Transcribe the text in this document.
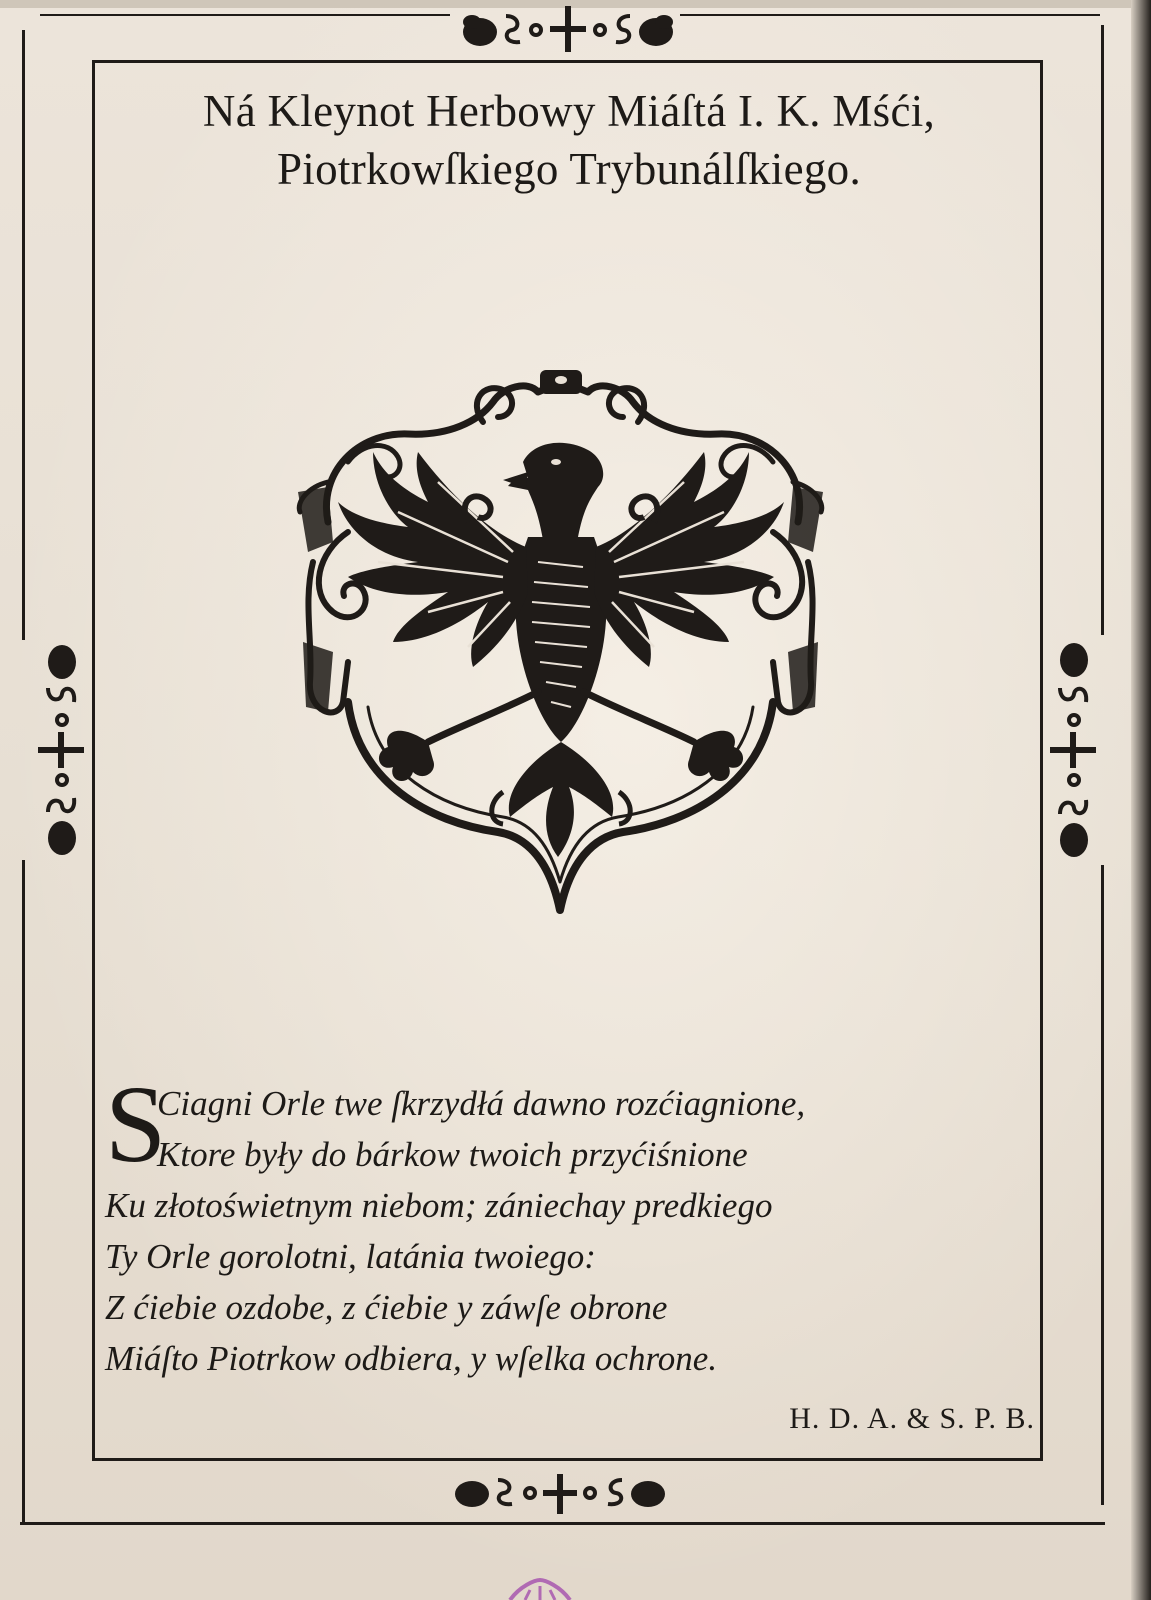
Ná Kleynot Herbowy Miáſtá I. K. Mśći,
Piotrkowſkiego Trybunálſkiego.
S
Ciagni Orle twe ſkrzydłá dawno rozćiagnione,
Ktore były do bárkow twoich przyćiśnione
Ku złotoświetnym niebom; zániechay predkiego
Ty Orle gorolotni, latánia twoiego:
Z ćiebie ozdobe, z ćiebie y záwſe obrone
Miáſto Piotrkow odbiera, y wſelka ochrone.
H. D. A. & S. P. B.
